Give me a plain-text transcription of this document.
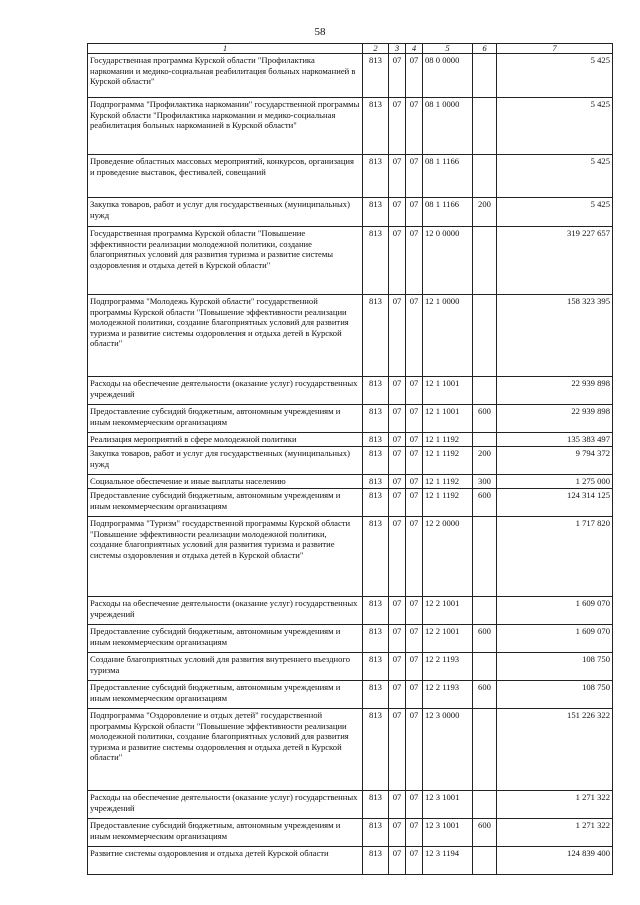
58
1	2	3	4	5	6	7
Государственная программа Курской области "Профилактика наркомании и медико-социальная реабилитация больных наркоманией в Курской области"	813	07	07	08 0 0000		5 425
Подпрограмма "Профилактика наркомании" государственной программы Курской области "Профилактика наркомании и медико-социальная реабилитация больных наркоманией в Курской области"	813	07	07	08 1 0000		5 425
Проведение областных массовых мероприятий, конкурсов, организация и проведение выставок, фестивалей, совещаний	813	07	07	08 1 1166		5 425
Закупка товаров, работ и услуг для государственных (муниципальных) нужд	813	07	07	08 1 1166	200	5 425
Государственная программа Курской области "Повышение эффективности реализации молодежной политики, создание благоприятных условий для развития туризма и развитие системы оздоровления и отдыха детей в Курской области"	813	07	07	12 0 0000		319 227 657
Подпрограмма "Молодежь Курской области" государственной программы Курской области "Повышение эффективности реализации молодежной политики, создание благоприятных условий для развития туризма и развитие системы оздоровления и отдыха детей в Курской области"	813	07	07	12 1 0000		158 323 395
Расходы на обеспечение деятельности (оказание услуг) государственных учреждений	813	07	07	12 1 1001		22 939 898
Предоставление субсидий бюджетным, автономным учреждениям и иным некоммерческим организациям	813	07	07	12 1 1001	600	22 939 898
Реализация мероприятий в сфере молодежной политики	813	07	07	12 1 1192		135 383 497
Закупка товаров, работ и услуг для государственных (муниципальных) нужд	813	07	07	12 1 1192	200	9 794 372
Социальное обеспечение и иные выплаты населению	813	07	07	12 1 1192	300	1 275 000
Предоставление субсидий бюджетным, автономным учреждениям и иным некоммерческим организациям	813	07	07	12 1 1192	600	124 314 125
Подпрограмма "Туризм" государственной программы Курской области "Повышение эффективности реализации молодежной политики, создание благоприятных условий для развития туризма и развитие системы оздоровления и отдыха детей в Курской области"	813	07	07	12 2 0000		1 717 820
Расходы на обеспечение деятельности (оказание услуг) государственных учреждений	813	07	07	12 2 1001		1 609 070
Предоставление субсидий бюджетным, автономным учреждениям и иным некоммерческим организациям	813	07	07	12 2 1001	600	1 609 070
Создание благоприятных условий для развития внутреннего въездного туризма	813	07	07	12 2 1193		108 750
Предоставление субсидий бюджетным, автономным учреждениям и иным некоммерческим организациям	813	07	07	12 2 1193	600	108 750
Подпрограмма "Оздоровление и отдых детей" государственной программы Курской области "Повышение эффективности реализации молодежной политики, создание благоприятных условий для развития туризма и развитие системы оздоровления и отдыха детей в Курской области"	813	07	07	12 3 0000		151 226 322
Расходы на обеспечение деятельности (оказание услуг) государственных учреждений	813	07	07	12 3 1001		1 271 322
Предоставление субсидий бюджетным, автономным учреждениям и иным некоммерческим организациям	813	07	07	12 3 1001	600	1 271 322
Развитие системы оздоровления и отдыха детей Курской области	813	07	07	12 3 1194		124 839 400
